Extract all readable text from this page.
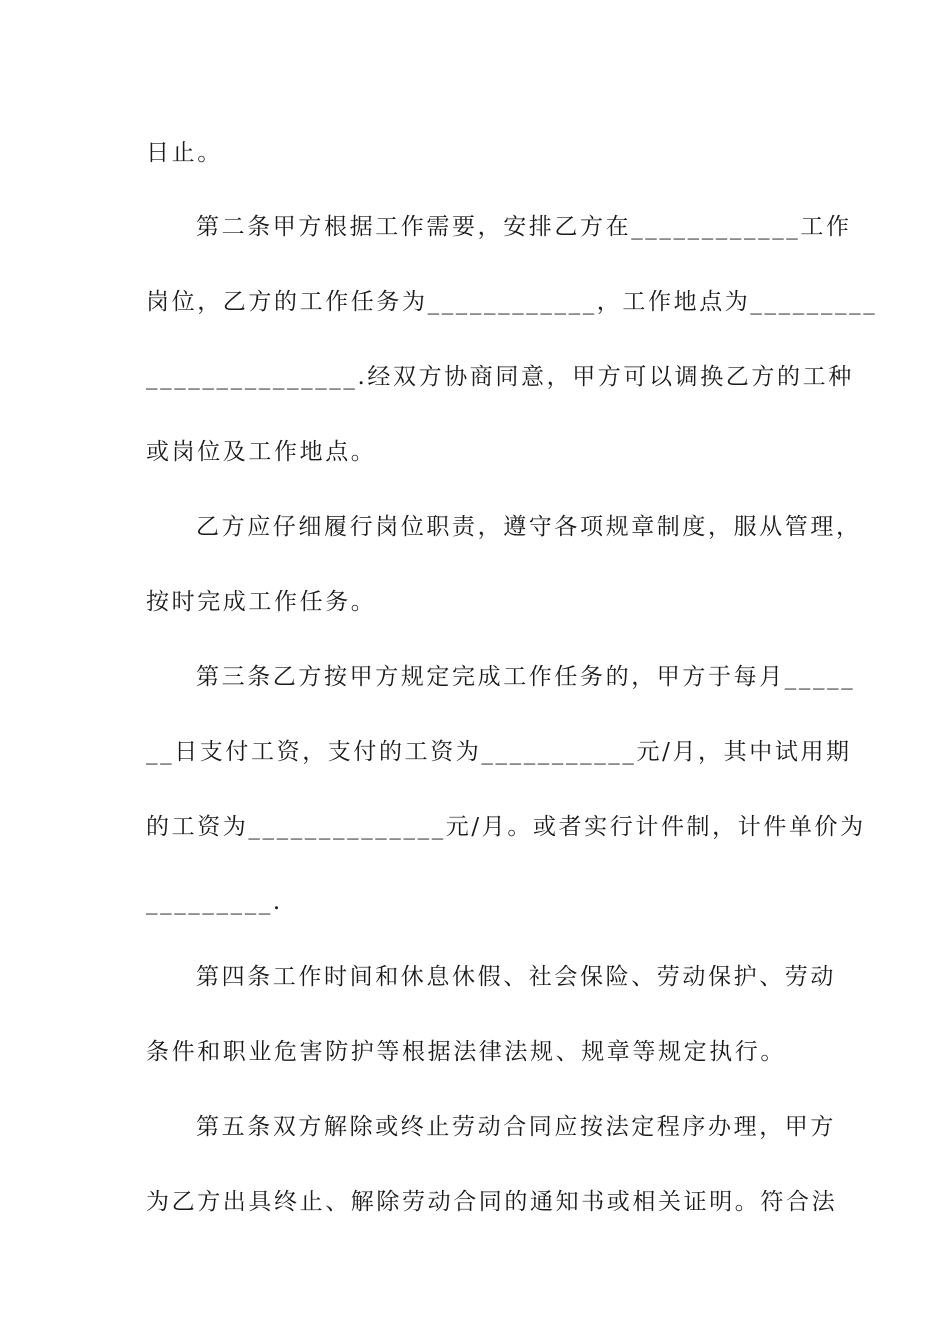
日止。
第二条甲方根据工作需要，安排乙方在____________工作
岗位，乙方的工作任务为____________，工作地点为_________
_______________.经双方协商同意，甲方可以调换乙方的工种
或岗位及工作地点。
乙方应仔细履行岗位职责，遵守各项规章制度，服从管理，
按时完成工作任务。
第三条乙方按甲方规定完成工作任务的，甲方于每月_____
__日支付工资，支付的工资为___________元/月，其中试用期
的工资为______________元/月。或者实行计件制，计件单价为
_________.
第四条工作时间和休息休假、社会保险、劳动保护、劳动
条件和职业危害防护等根据法律法规、规章等规定执行。
第五条双方解除或终止劳动合同应按法定程序办理，甲方
为乙方出具终止、解除劳动合同的通知书或相关证明。符合法
